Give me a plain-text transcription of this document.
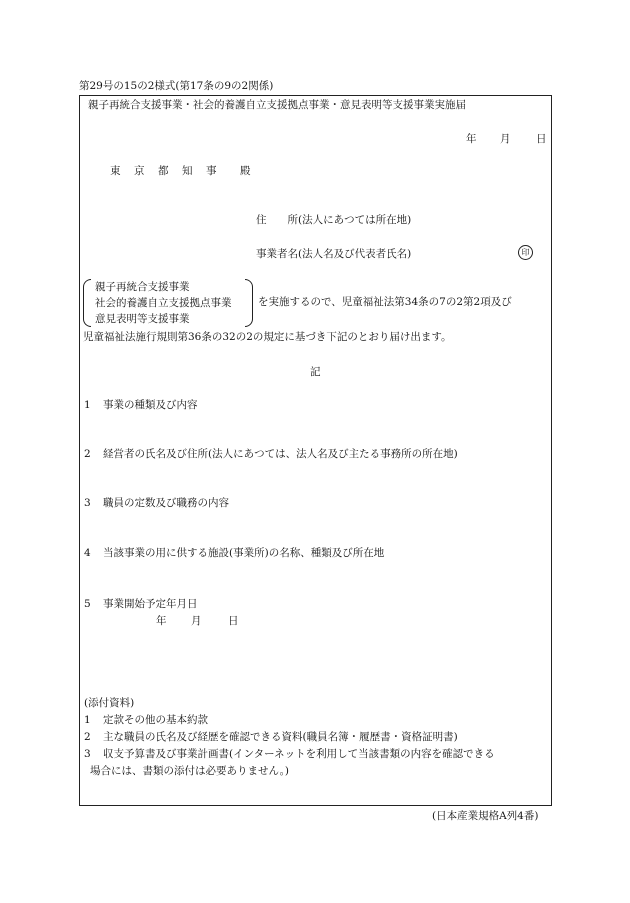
第29号の15の2様式(第17条の9の2関係)
親子再統合支援事業・社会的養護自立支援拠点事業・意見表明等支援事業実施届
年 月 日
東 京 都 知 事 殿
住　　所(法人にあつては所在地)
事業者名(法人名及び代表者氏名)	印
親子再統合支援事業
社会的養護自立支援拠点事業
意見表明等支援事業
を実施するので、児童福祉法第34条の7の2第2項及び
児童福祉法施行規則第36条の32の2の規定に基づき下記のとおり届け出ます。
記
1 事業の種類及び内容
2 経営者の氏名及び住所(法人にあつては、法人名及び主たる事務所の所在地)
3 職員の定数及び職務の内容
4 当該事業の用に供する施設(事業所)の名称、種類及び所在地
5 事業開始予定年月日
年 月	日
(添付資料)
1 定款その他の基本約款
2 主な職員の氏名及び経歴を確認できる資料(職員名簿・履歴書・資格証明書)
3 収支予算書及び事業計画書(インターネットを利用して当該書類の内容を確認できる
場合には、書類の添付は必要ありません。)
(日本産業規格A列4番)
